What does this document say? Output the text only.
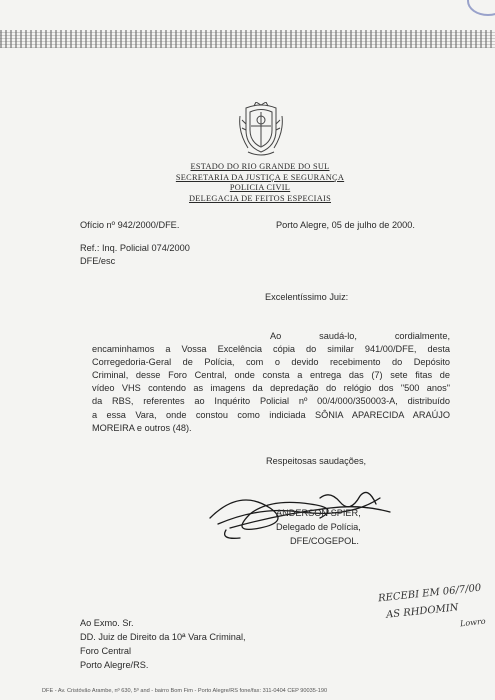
ESTADO DO RIO GRANDE DO SUL
SECRETARIA DA JUSTIÇA E SEGURANÇA
POLICIA CIVIL
DELEGACIA DE FEITOS ESPECIAIS
Ofício nº 942/2000/DFE.	Porto Alegre, 05 de julho de 2000.
Ref.: Inq. Policial 074/2000
DFE/esc
Excelentíssimo Juiz:
Ao saudá-lo, cordialmente,
encaminhamos a Vossa Excelência cópia do similar 941/00/DFE, desta
Corregedoria-Geral de Polícia, com o devido recebimento do Depósito
Criminal, desse Foro Central, onde consta a entrega das (7) sete fitas de
vídeo VHS contendo as imagens da depredação do relógio dos "500 anos"
da RBS, referentes ao Inquérito Policial nº 00/4/000/350003-A, distribuído
a essa Vara, onde constou como indiciada SÔNIA APARECIDA ARAÚJO
MOREIRA e outros (48).
Respeitosas saudações,
ANDERSON SPIER,
Delegado de Polícia,
DFE/COGEPOL.
RECEBI EM 06/7/00
AS RHDOMIN
Lowro
Ao Exmo. Sr.
DD. Juiz de Direito da 10ª Vara Criminal,
Foro Central
Porto Alegre/RS.
DFE - Av. Cristóvão Arambe, nº 630, 5º and - bairro Bom Fim - Porto Alegre/RS fone/fax: 311-0404 CEP 90035-190
